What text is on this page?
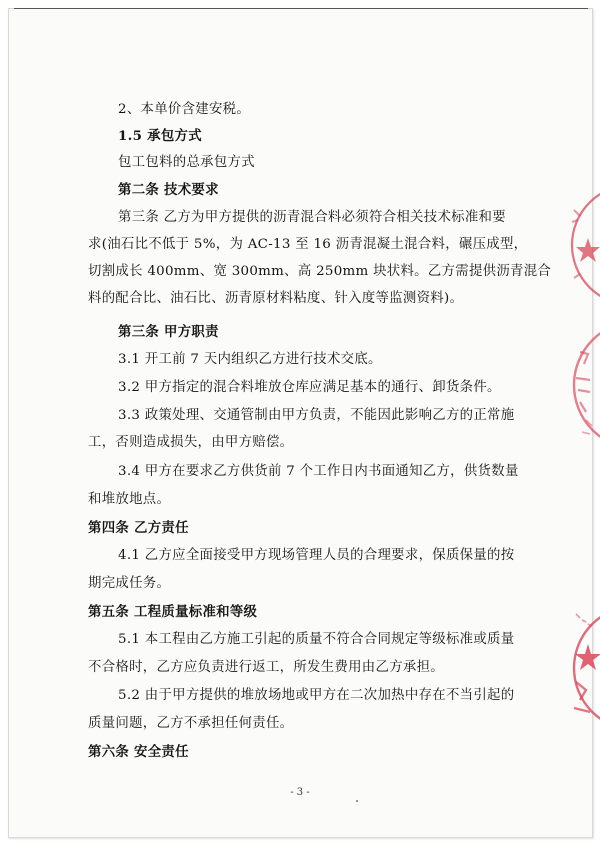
2、本单价含建安税。
1.5 承包方式
包工包料的总承包方式
第二条 技术要求
第三条 乙方为甲方提供的沥青混合料必须符合相关技术标准和要
求(油石比不低于 5%，为 AC-13 至 16 沥青混凝土混合料，碾压成型，
切割成长 400mm、宽 300mm、高 250mm 块状料。乙方需提供沥青混合
料的配合比、油石比、沥青原材料粘度、针入度等监测资料)。
第三条 甲方职责
3.1 开工前 7 天内组织乙方进行技术交底。
3.2 甲方指定的混合料堆放仓库应满足基本的通行、卸货条件。
3.3 政策处理、交通管制由甲方负责，不能因此影响乙方的正常施
工，否则造成损失，由甲方赔偿。
3.4 甲方在要求乙方供货前 7 个工作日内书面通知乙方，供货数量
和堆放地点。
第四条 乙方责任
4.1 乙方应全面接受甲方现场管理人员的合理要求，保质保量的按
期完成任务。
第五条 工程质量标准和等级
5.1 本工程由乙方施工引起的质量不符合合同规定等级标准或质量
不合格时，乙方应负责进行返工，所发生费用由乙方承担。
5.2 由于甲方提供的堆放场地或甲方在二次加热中存在不当引起的
质量问题，乙方不承担任何责任。
第六条 安全责任
- 3 -
